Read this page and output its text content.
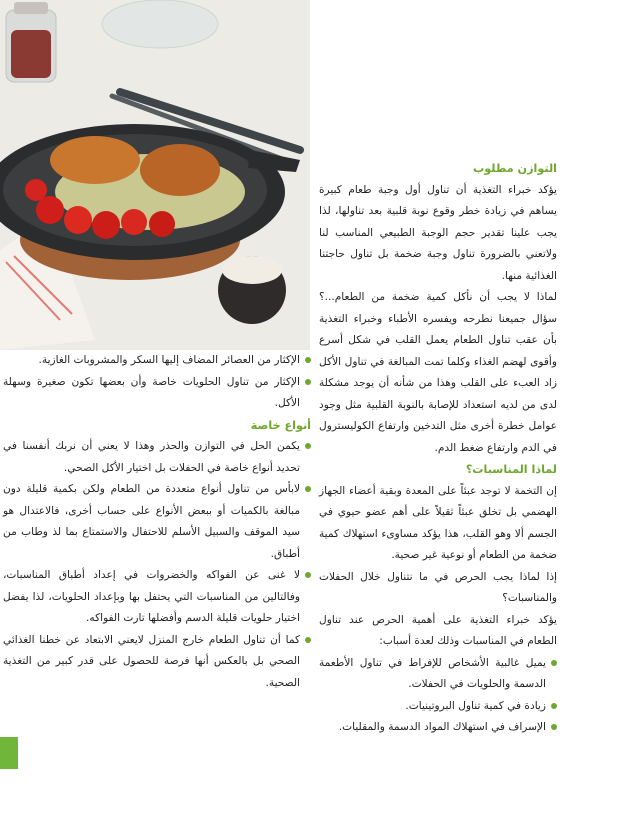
التوازن مطلوب

يؤكد خبراء التغذية أن تناول أول وجبة طعام كبيرة يساهم في زيادة خطر وقوع نوبة قلبية بعد تناولها، لذا يجب علينا تقدير حجم الوجبة الطبيعي المناسب لنا ولاتعني بالضرورة تناول وجبة ضخمة بل تناول حاجتنا الغذائية منها.

لماذا لا يجب أن نأكل كمية ضخمة من الطعام...؟ سؤال جميعنا نطرحه ويفسره الأطباء وخبراء التغذية بأن عقب تناول الطعام يعمل القلب في شكل أسرع وأقوى لهضم الغذاء وكلما تمت المبالغة في تناول الأكل زاد العبء على القلب وهذا من شأنه أن يوجد مشكلة لدى من لديه استعداد للإصابة بالنوبة القلبية مثل وجود عوامل خطرة أخرى مثل التدخين وارتفاع الكوليسترول في الدم وارتفاع ضغط الدم.

لماذا المناسبات؟

إن التخمة لا توجد عبئاً على المعدة وبقية أعضاء الجهاز الهضمي بل تخلق عبئاً ثقيلاً على أهم عضو حيوي في الجسم ألا وهو القلب، هذا يؤكد مساوىء استهلاك كمية ضخمة من الطعام أو نوعية غير صحية.

إذا لماذا يجب الحرص في ما نتناول خلال الحفلات والمناسبات؟

يؤكد خبراء التغذية على أهمية الحرص عند تناول الطعام في المناسبات وذلك لعدة أسباب:

يميل غالبية الأشخاص للإفراط في تناول الأطعمة الدسمة والحلويات في الحفلات.
زيادة في كمية تناول البروتينيات.
الإسراف في استهلاك المواد الدسمة والمقليات.
الإكثار من العصائر المضاف إليها السكر والمشروبات الغازية.
الإكثار من تناول الحلويات خاصة وأن بعضها تكون صغيرة وسهلة الأكل.
أنواع خاصة
يكمن الحل في التوازن والحذر وهذا لا يعني أن نربك أنفسنا في تحديد أنواع خاصة في الحفلات بل اختيار الأكل الصحي.
لابأس من تناول أنواع متعددة من الطعام ولكن بكمية قليلة دون مبالغة بالكميات أو ببعض الأنواع على حساب أخرى، فالاعتدال هو سيد الموقف والسبيل الأسلم للاحتفال والاستمتاع بما لذ وطاب من أطباق.
لا غنى عن الفواكه والخضروات في إعداد أطباق المناسبات، وفالتالين من المناسبات التي يحتفل بها وبإعداد الحلويات، لذا يفضل اختيار حلويات قليلة الدسم وأفضلها تارت الفواكه.
كما أن تناول الطعام خارج المنزل لايعني الابتعاد عن خطنا الغذائي الصحي بل بالعكس أنها فرصة للحصول على قدر كبير من التغذية الصحية.
